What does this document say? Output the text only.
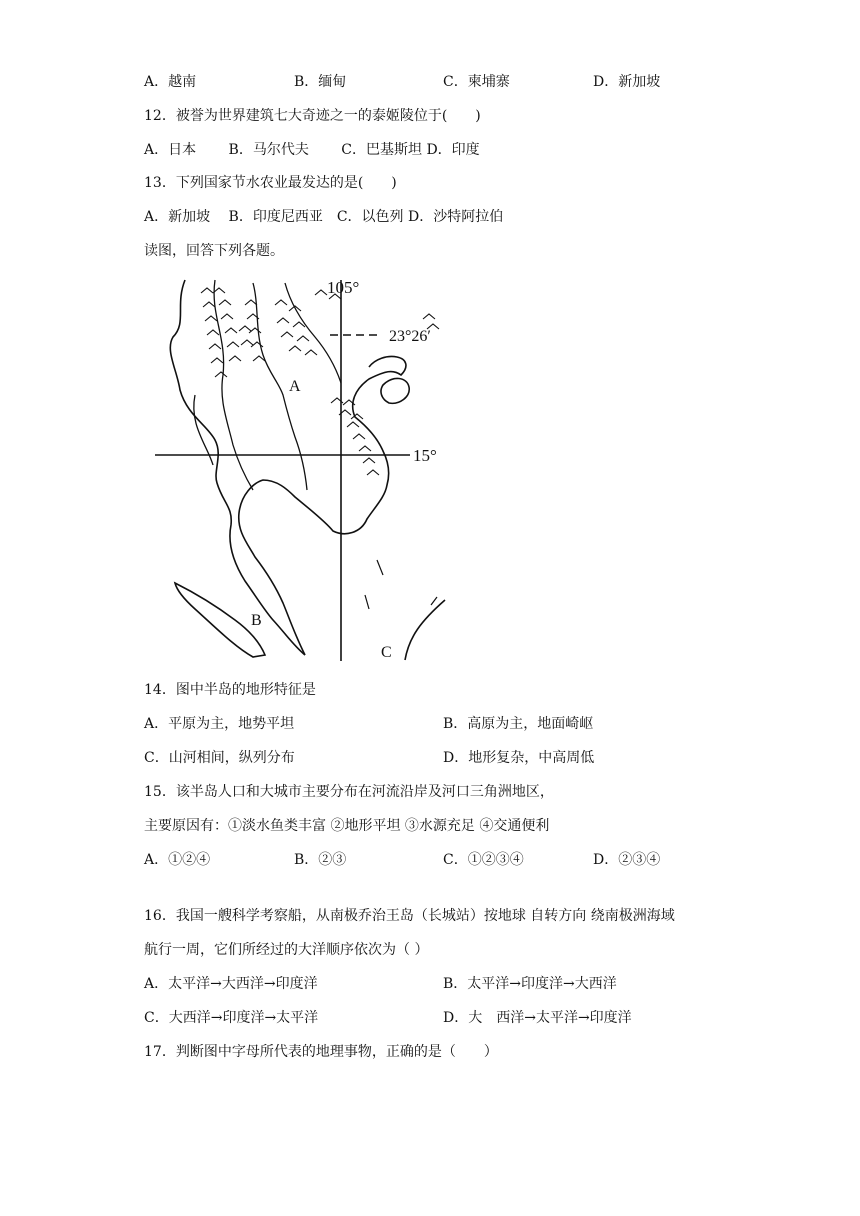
A．越南	B．缅甸	C．柬埔寨	D．新加坡
12．被誉为世界建筑七大奇迹之一的泰姬陵位于(　　)
A．日本　　 B．马尔代夫　　 C．巴基斯坦 D．印度
13．下列国家节水农业最发达的是(　　)
A．新加坡　 B．印度尼西亚　C．以色列 D．沙特阿拉伯
读图，回答下列各题。
105°
23°26′
15°
A
B
C
14．图中半岛的地形特征是
A．平原为主，地势平坦	B．高原为主，地面崎岖
C．山河相间，纵列分布	D．地形复杂，中高周低
15．该半岛人口和大城市主要分布在河流沿岸及河口三角洲地区，
主要原因有：①淡水鱼类丰富 ②地形平坦 ③水源充足 ④交通便利
A．①②④	B．②③	C．①②③④	D．②③④
16．我国一艘科学考察船，从南极乔治王岛（长城站）按地球 自转方向 绕南极洲海域
航行一周，它们所经过的大洋顺序依次为（ ）
A．太平洋→大西洋→印度洋	B．太平洋→印度洋→大西洋
C．大西洋→印度洋→太平洋	D．大　西洋→太平洋→印度洋
17．判断图中字母所代表的地理事物，正确的是（　　）
